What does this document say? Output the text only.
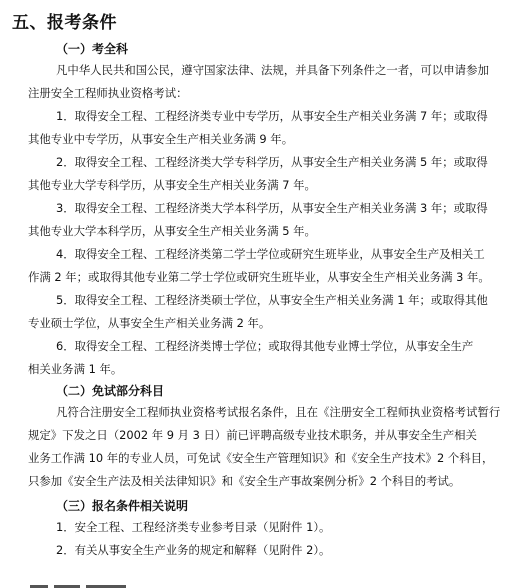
五、报考条件
（一）考全科
凡中华人民共和国公民，遵守国家法律、法规，并具备下列条件之一者，可以申请参加
注册安全工程师执业资格考试：
1．取得安全工程、工程经济类专业中专学历，从事安全生产相关业务满 7 年；或取得
其他专业中专学历，从事安全生产相关业务满 9 年。
2．取得安全工程、工程经济类大学专科学历，从事安全生产相关业务满 5 年；或取得
其他专业大学专科学历，从事安全生产相关业务满 7 年。
3．取得安全工程、工程经济类大学本科学历，从事安全生产相关业务满 3 年；或取得
其他专业大学本科学历，从事安全生产相关业务满 5 年。
4．取得安全工程、工程经济类第二学士学位或研究生班毕业，从事安全生产及相关工
作满 2 年；或取得其他专业第二学士学位或研究生班毕业，从事安全生产相关业务满 3 年。
5．取得安全工程、工程经济类硕士学位，从事安全生产相关业务满 1 年；或取得其他
专业硕士学位，从事安全生产相关业务满 2 年。
6．取得安全工程、工程经济类博士学位；或取得其他专业博士学位，从事安全生产
相关业务满 1 年。
（二）免试部分科目
凡符合注册安全工程师执业资格考试报名条件，且在《注册安全工程师执业资格考试暂行
规定》下发之日（2002 年 9 月 3 日）前已评聘高级专业技术职务，并从事安全生产相关
业务工作满 10 年的专业人员，可免试《安全生产管理知识》和《安全生产技术》2 个科目，
只参加《安全生产法及相关法律知识》和《安全生产事故案例分析》2 个科目的考试。
（三）报名条件相关说明
1．安全工程、工程经济类专业参考目录（见附件 1）。
2．有关从事安全生产业务的规定和解释（见附件 2）。
